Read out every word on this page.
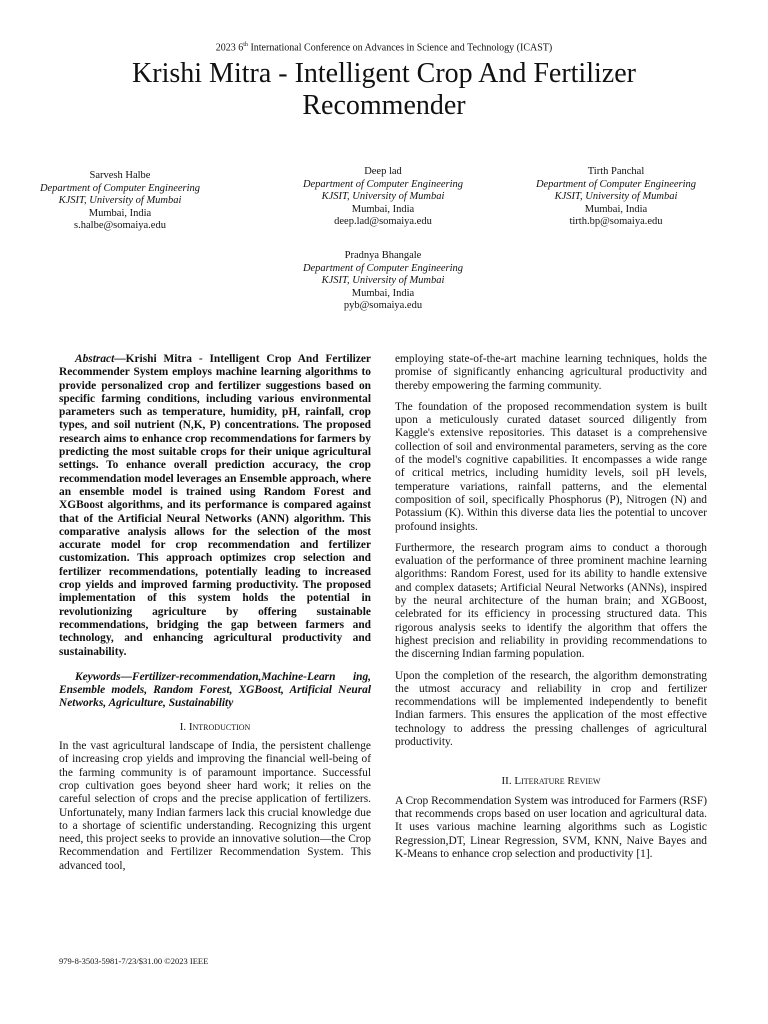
2023 6th International Conference on Advances in Science and Technology (ICAST)
Krishi Mitra - Intelligent Crop And Fertilizer
Recommender
Sarvesh Halbe
Department of Computer Engineering
KJSIT, University of Mumbai
Mumbai, India
s.halbe@somaiya.edu
Deep lad
Department of Computer Engineering
KJSIT, University of Mumbai
Mumbai, India
deep.lad@somaiya.edu
Tirth Panchal
Department of Computer Engineering
KJSIT, University of Mumbai
Mumbai, India
tirth.bp@somaiya.edu
Pradnya Bhangale
Department of Computer Engineering
KJSIT, University of Mumbai
Mumbai, India
pyb@somaiya.edu

Abstract—Krishi Mitra - Intelligent Crop And Fertilizer Recommender System employs machine learning algorithms to provide personalized crop and fertilizer suggestions based on specific farming conditions, including various environmental parameters such as temperature, humidity, pH, rainfall, crop types, and soil nutrient (N,K, P) concentrations. The proposed research aims to enhance crop recommendations for farmers by predicting the most suitable crops for their unique agricultural settings. To enhance overall prediction accuracy, the crop recommendation model leverages an Ensemble approach, where an ensemble model is trained using Random Forest and XGBoost algorithms, and its performance is compared against that of the Artificial Neural Networks (ANN) algorithm. This comparative analysis allows for the selection of the most accurate model for crop recommendation and fertilizer customization. This approach optimizes crop selection and fertilizer recommendations, potentially leading to increased crop yields and improved farming productivity. The proposed implementation of this system holds the potential in revolutionizing agriculture by offering sustainable recommendations, bridging the gap between farmers and technology, and enhancing agricultural productivity and sustainability.

Keywords—Fertilizer-recommendation,Machine-Learn ing, Ensemble models, Random Forest, XGBoost, Artificial Neural Networks, Agriculture, Sustainability

I. Introduction

In the vast agricultural landscape of India, the persistent challenge of increasing crop yields and improving the financial well-being of the farming community is of paramount importance. Successful crop cultivation goes beyond sheer hard work; it relies on the careful selection of crops and the precise application of fertilizers. Unfortunately, many Indian farmers lack this crucial knowledge due to a shortage of scientific understanding. Recognizing this urgent need, this project seeks to provide an innovative solution—the Crop Recommendation and Fertilizer Recommendation System. This advanced tool,

employing state-of-the-art machine learning techniques, holds the promise of significantly enhancing agricultural productivity and thereby empowering the farming community.

The foundation of the proposed recommendation system is built upon a meticulously curated dataset sourced diligently from Kaggle's extensive repositories. This dataset is a comprehensive collection of soil and environmental parameters, serving as the core of the model's cognitive capabilities. It encompasses a wide range of critical metrics, including humidity levels, soil pH levels, temperature variations, rainfall patterns, and the elemental composition of soil, specifically Phosphorus (P), Nitrogen (N) and Potassium (K). Within this diverse data lies the potential to uncover profound insights.

Furthermore, the research program aims to conduct a thorough evaluation of the performance of three prominent machine learning algorithms: Random Forest, used for its ability to handle extensive and complex datasets; Artificial Neural Networks (ANNs), inspired by the neural architecture of the human brain; and XGBoost, celebrated for its efficiency in processing structured data. This rigorous analysis seeks to identify the algorithm that offers the highest precision and reliability in providing recommendations to the discerning Indian farming population.

Upon the completion of the research, the algorithm demonstrating the utmost accuracy and reliability in crop and fertilizer recommendations will be implemented independently to benefit Indian farmers. This ensures the application of the most effective technology to address the pressing challenges of agricultural productivity.

II. Literature Review

A Crop Recommendation System was introduced for Farmers (RSF) that recommends crops based on user location and agricultural data. It uses various machine learning algorithms such as Logistic Regression,DT, Linear Regression, SVM, KNN, Naive Bayes and K-Means to enhance crop selection and productivity [1].

979-8-3503-5981-7/23/$31.00 ©2023 IEEE
